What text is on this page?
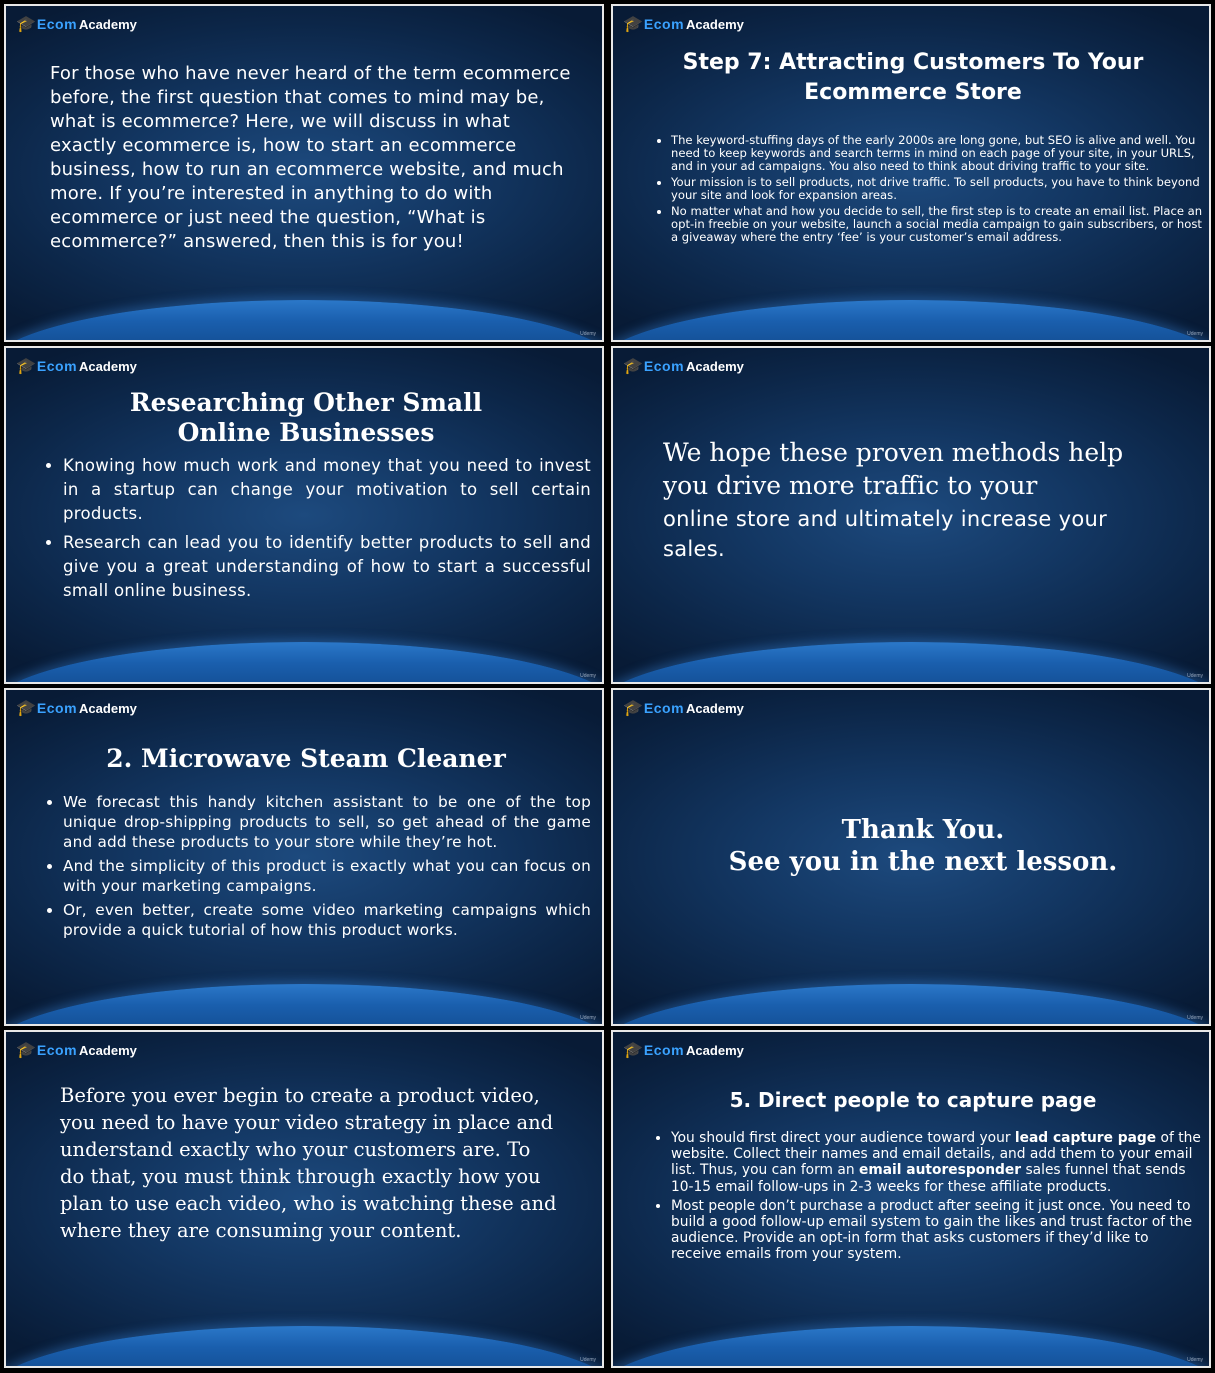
🎓 Ecom Academy
For those who have never heard of the term ecommerce before, the first question that comes to mind may be, what is ecommerce? Here, we will discuss in what exactly ecommerce is, how to start an ecommerce business, how to run an ecommerce website, and much more. If you’re interested in anything to do with ecommerce or just need the question, “What is ecommerce?” answered, then this is for you!
Udemy
🎓 Ecom Academy
Step 7: Attracting Customers To Your Ecommerce Store
• The keyword-stuffing days of the early 2000s are long gone, but SEO is alive and well. You need to keep keywords and search terms in mind on each page of your site, in your URLS, and in your ad campaigns. You also need to think about driving traffic to your site.
• Your mission is to sell products, not drive traffic. To sell products, you have to think beyond your site and look for expansion areas.
• No matter what and how you decide to sell, the first step is to create an email list. Place an opt-in freebie on your website, launch a social media campaign to gain subscribers, or host a giveaway where the entry ‘fee’ is your customer’s email address.
Udemy
🎓 Ecom Academy
Researching Other Small Online Businesses
• Knowing how much work and money that you need to invest in a startup can change your motivation to sell certain products.
• Research can lead you to identify better products to sell and give you a great understanding of how to start a successful small online business.
Udemy
🎓 Ecom Academy
We hope these proven methods help you drive more traffic to your
online store and ultimately increase your sales.
Udemy
🎓 Ecom Academy
2. Microwave Steam Cleaner
• We forecast this handy kitchen assistant to be one of the top unique drop-shipping products to sell, so get ahead of the game and add these products to your store while they’re hot.
• And the simplicity of this product is exactly what you can focus on with your marketing campaigns.
• Or, even better, create some video marketing campaigns which provide a quick tutorial of how this product works.
Udemy
🎓 Ecom Academy
Thank You.
See you in the next lesson.
Udemy
🎓 Ecom Academy
Before you ever begin to create a product video, you need to have your video strategy in place and understand exactly who your customers are. To do that, you must think through exactly how you plan to use each video, who is watching these and where they are consuming your content.
Udemy
🎓 Ecom Academy
5. Direct people to capture page
• You should first direct your audience toward your lead capture page of the website. Collect their names and email details, and add them to your email list. Thus, you can form an email autoresponder sales funnel that sends 10-15 email follow-ups in 2-3 weeks for these affiliate products.
• Most people don’t purchase a product after seeing it just once. You need to build a good follow-up email system to gain the likes and trust factor of the audience. Provide an opt-in form that asks customers if they’d like to receive emails from your system.
Udemy
